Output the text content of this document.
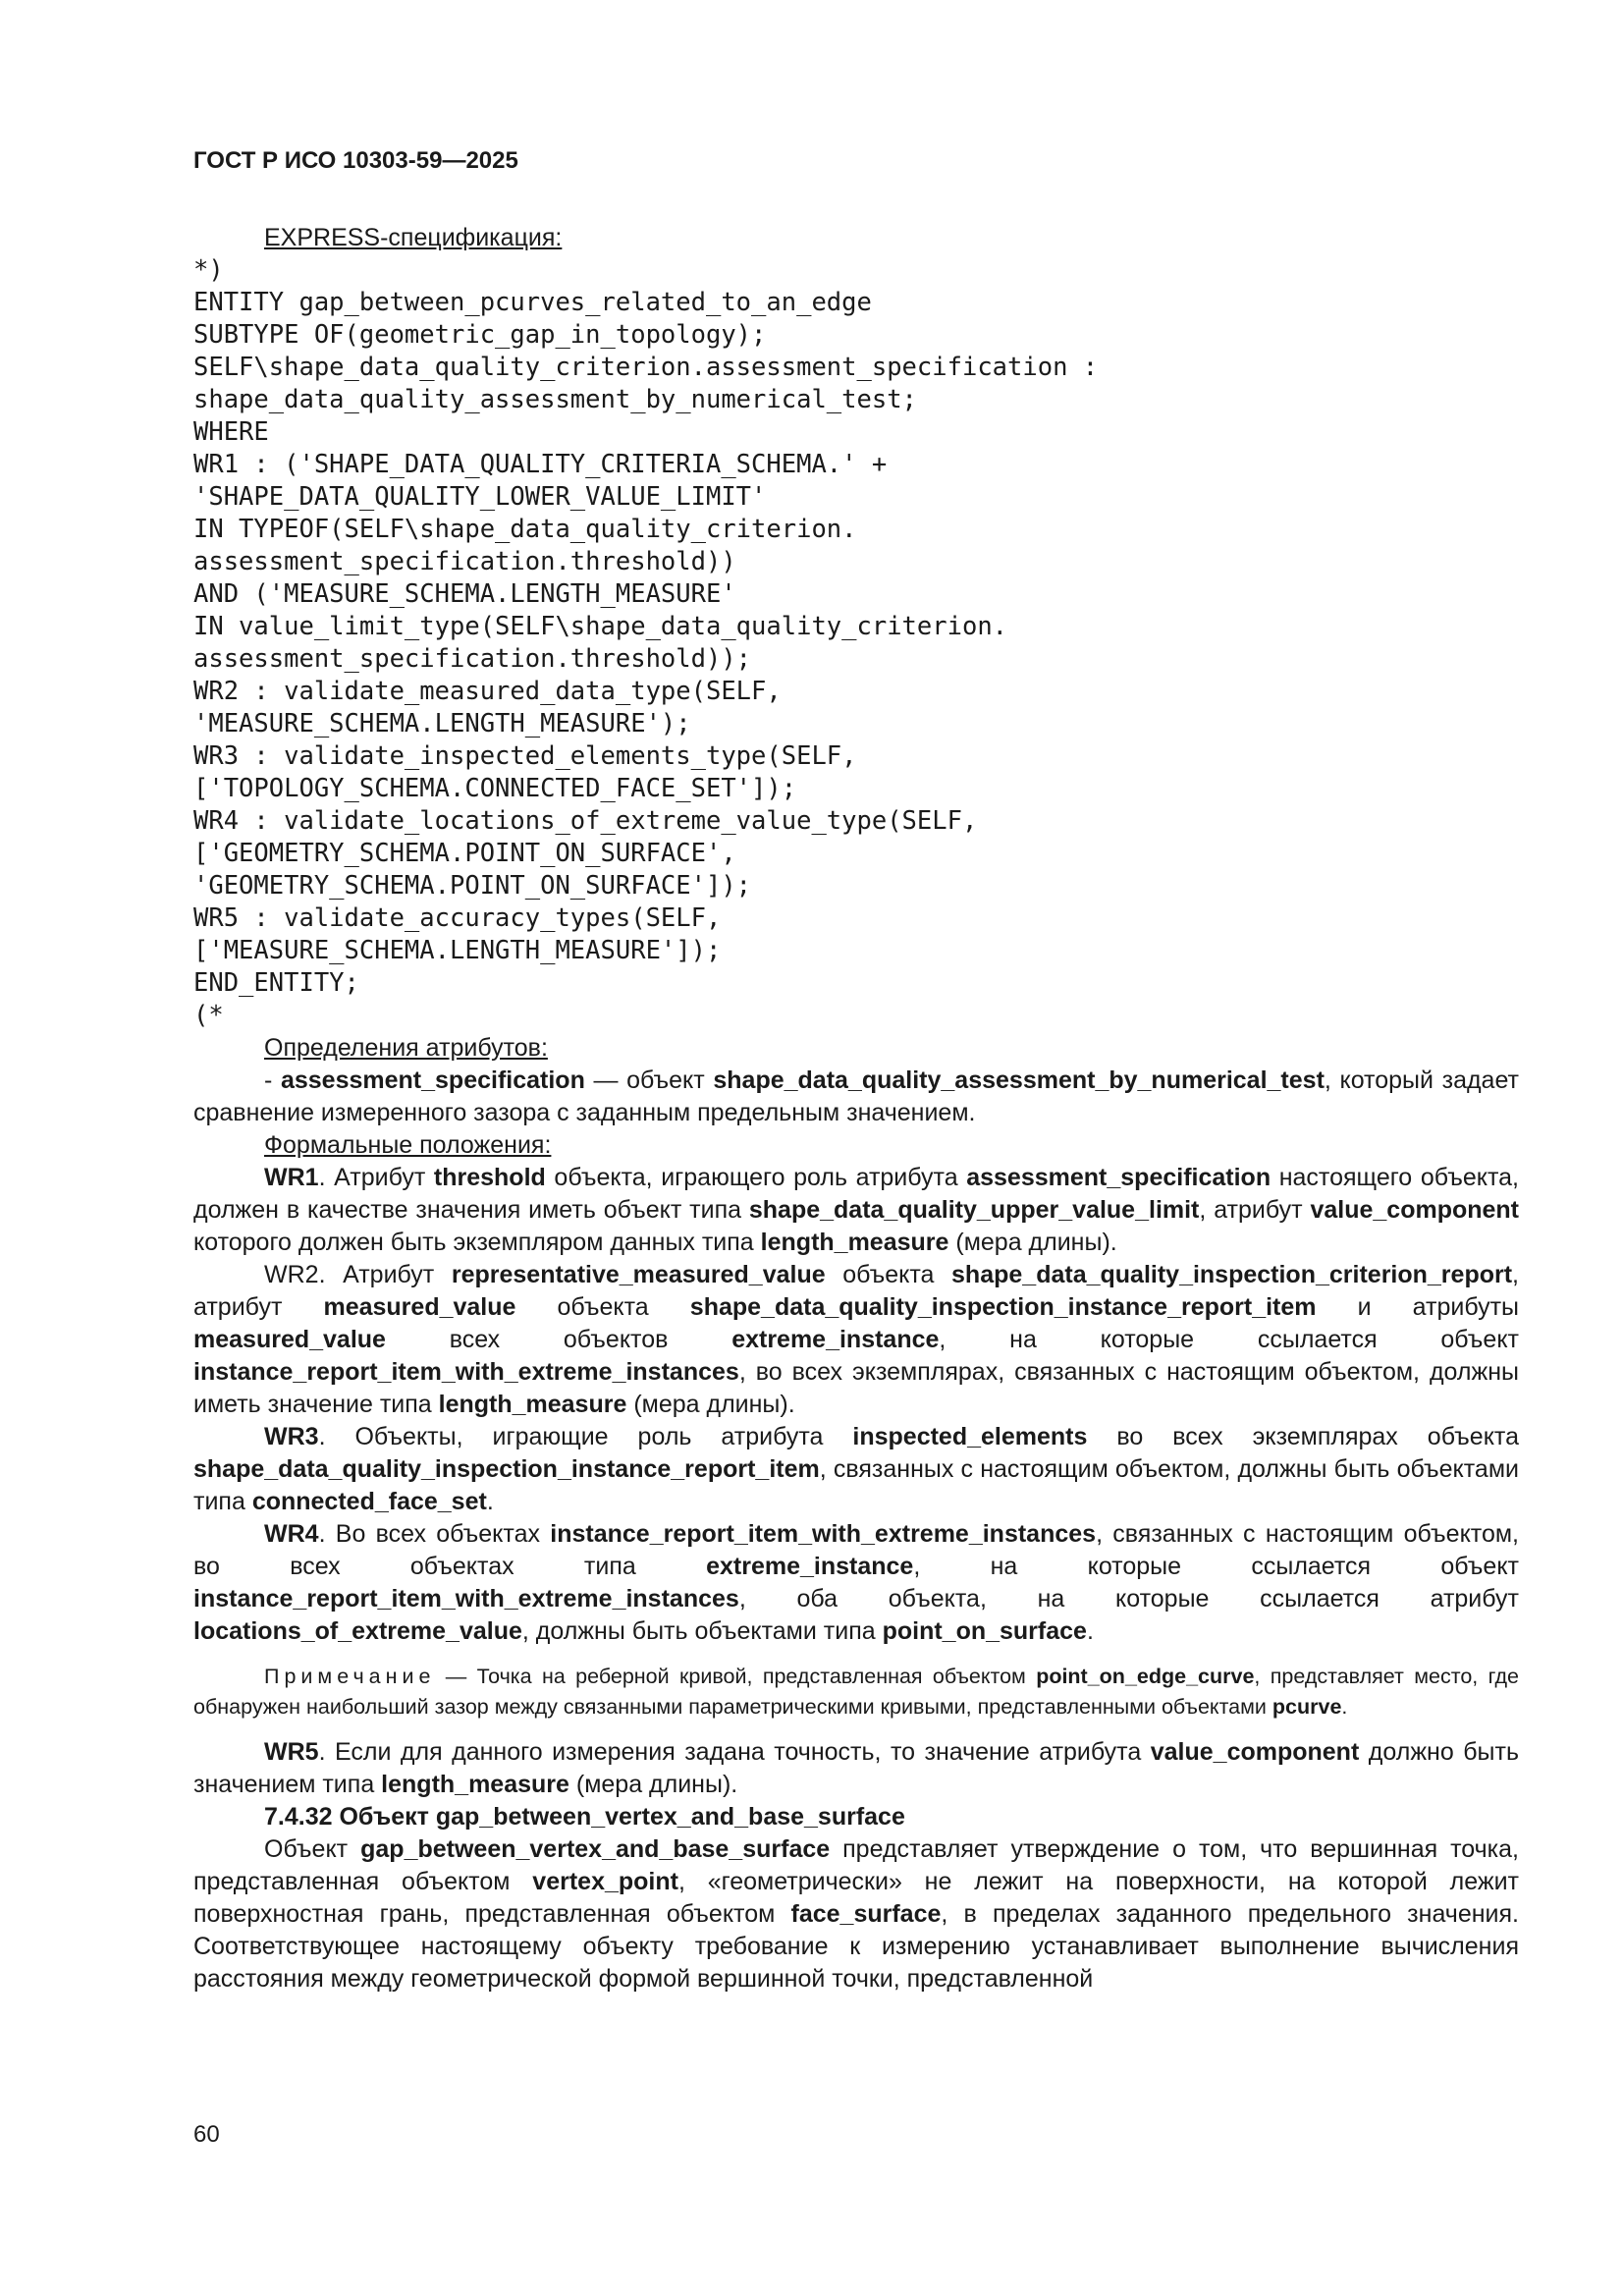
ГОСТ Р ИСО 10303-59—2025
EXPRESS-спецификация:
*)
ENTITY gap_between_pcurves_related_to_an_edge
SUBTYPE OF(geometric_gap_in_topology);
SELF\shape_data_quality_criterion.assessment_specification :
shape_data_quality_assessment_by_numerical_test;
WHERE
WR1 : ('SHAPE_DATA_QUALITY_CRITERIA_SCHEMA.' +
'SHAPE_DATA_QUALITY_LOWER_VALUE_LIMIT'
IN TYPEOF(SELF\shape_data_quality_criterion.
assessment_specification.threshold))
AND ('MEASURE_SCHEMA.LENGTH_MEASURE'
IN value_limit_type(SELF\shape_data_quality_criterion.
assessment_specification.threshold));
WR2 : validate_measured_data_type(SELF,
'MEASURE_SCHEMA.LENGTH_MEASURE');
WR3 : validate_inspected_elements_type(SELF,
['TOPOLOGY_SCHEMA.CONNECTED_FACE_SET']);
WR4 : validate_locations_of_extreme_value_type(SELF,
['GEOMETRY_SCHEMA.POINT_ON_SURFACE',
'GEOMETRY_SCHEMA.POINT_ON_SURFACE']);
WR5 : validate_accuracy_types(SELF,
['MEASURE_SCHEMA.LENGTH_MEASURE']);
END_ENTITY;
(*
Определения атрибутов:

- assessment_specification — объект shape_data_quality_assessment_by_numerical_test, который задает сравнение измеренного зазора с заданным предельным значением.

Формальные положения:

WR1. Атрибут threshold объекта, играющего роль атрибута assessment_specification настоящего объекта, должен в качестве значения иметь объект типа shape_data_quality_upper_value_limit, атрибут value_component которого должен быть экземпляром данных типа length_measure (мера длины).

WR2. Атрибут representative_measured_value объекта shape_data_quality_inspection_criterion_report, атрибут measured_value объекта shape_data_quality_inspection_instance_report_item и атрибуты measured_value всех объектов extreme_instance, на которые ссылается объект instance_report_item_with_extreme_instances, во всех экземплярах, связанных с настоящим объектом, должны иметь значение типа length_measure (мера длины).

WR3. Объекты, играющие роль атрибута inspected_elements во всех экземплярах объекта shape_data_quality_inspection_instance_report_item, связанных с настоящим объектом, должны быть объектами типа connected_face_set.

WR4. Во всех объектах instance_report_item_with_extreme_instances, связанных с настоящим объектом, во всех объектах типа extreme_instance, на которые ссылается объект instance_report_item_with_extreme_instances, оба объекта, на которые ссылается атрибут locations_of_extreme_value, должны быть объектами типа point_on_surface.

Примечание — Точка на реберной кривой, представленная объектом point_on_edge_curve, представляет место, где обнаружен наибольший зазор между связанными параметрическими кривыми, представленными объектами pcurve.

WR5. Если для данного измерения задана точность, то значение атрибута value_component должно быть значением типа length_measure (мера длины).

7.4.32 Объект gap_between_vertex_and_base_surface

Объект gap_between_vertex_and_base_surface представляет утверждение о том, что вершинная точка, представленная объектом vertex_point, «геометрически» не лежит на поверхности, на которой лежит поверхностная грань, представленная объектом face_surface, в пределах заданного предельного значения. Соответствующее настоящему объекту требование к измерению устанавливает выполнение вычисления расстояния между геометрической формой вершинной точки, представленной

60
